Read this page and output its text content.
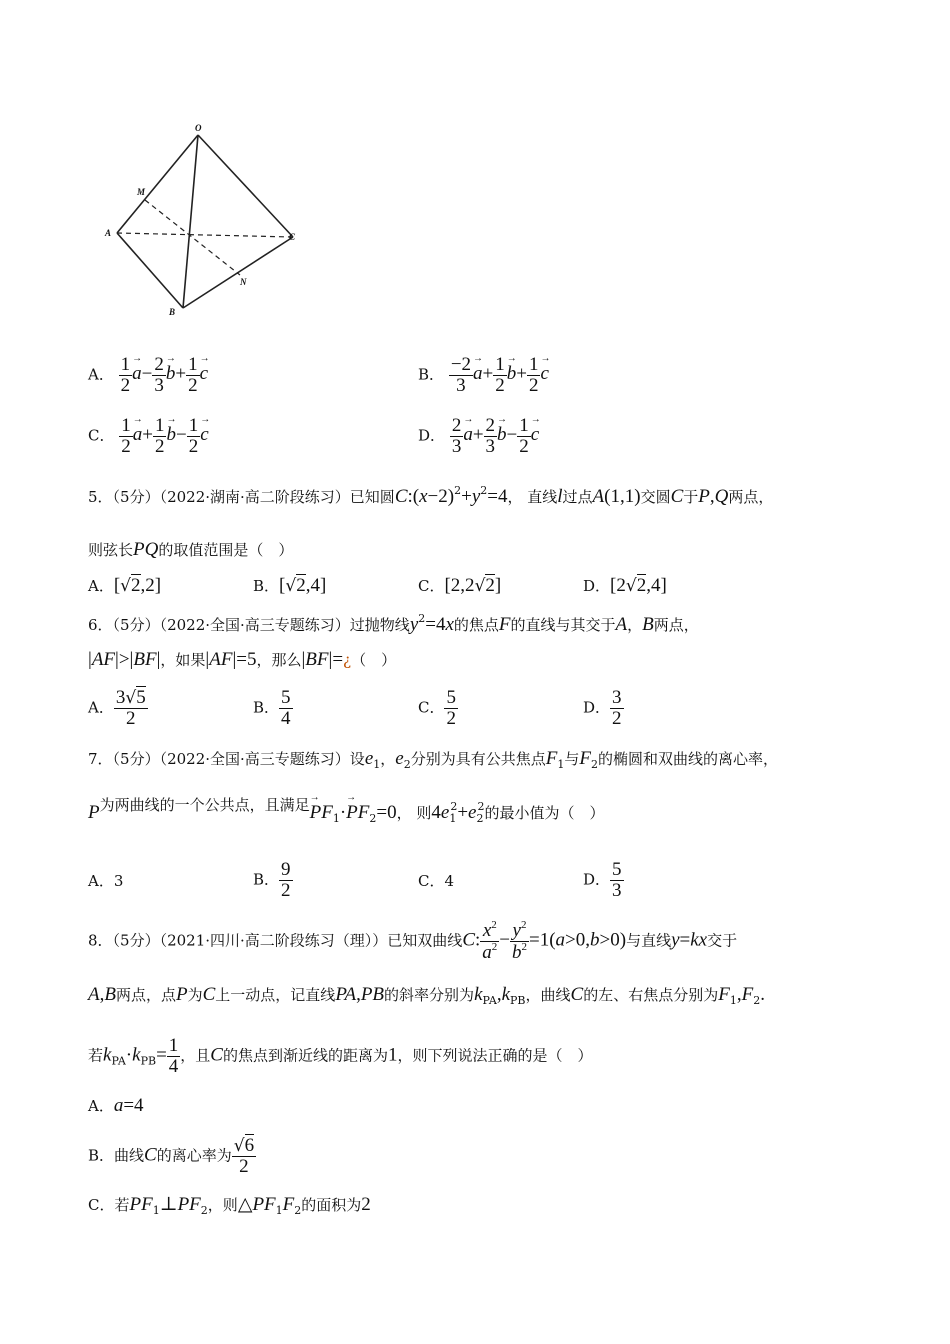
O
M
A	C
N
B
A． $\frac{1}{2}$
→ $a- \frac{2}{3}$
→ $b+ \frac{1}{2}$
→ c	B． $\frac{-2}{3}$
→ $a+ \frac{1}{2}$
→ $b+ \frac{1}{2}$
→ c
C． $\frac{1}{2}$
→ $a+ \frac{1}{2}$
→ $b- \frac{1}{2}$
→ c	D． $\frac{2}{3}$
→ $a+ \frac{2}{3}$
→ $b- \frac{1}{2}$
→ c
5．（5分）（2022·湖南·高二阶段练习）已知圆$C:(x-2)^2+y^2=4$， 直线l过点A(1,1)交圆C于P,Q两点，
则弦长PQ的取值范围是（　）
A．[√2,2]	B．[√2,4]	C．[2,2√2]	D．[2√2,4]
6．（5分）（2022·全国·高三专题练习）过抛物线$y^2=4x$的焦点F的直线与其交于A，B两点，
|AF|>|BF|，如果|AF|=5，那么|BF|=¿（　）
A． $\frac{3√5}{2}$	B． $\frac{5}{4}$	C． $\frac{5}{2}$	D． $\frac{3}{2}$
7．（5分）（2022·全国·高三专题练习）设$e_1$，$e_2$分别为具有公共焦点$F_1$与$F_2$的椭圆和双曲线的离心率，
P为两曲线的一个公共点，且满足→ $PF_1\cdot\to PF_2=0$， 则$4e_1^2+e_2^2$的最小值为（　）
A．3	B． $\frac{9}{2}$	C．4	D． $\frac{5}{3}$
8．（5分）（2021·四川·高二阶段练习（理））已知双曲线C: $\frac{x^2}{a^2} - \frac{y^2}{b^2} =1(a>0,b>0)$与直线y=kx交于
A,B两点，点P为C上一动点，记直线PA,PB的斜率分别为$k_{PA},k_{PB}$，曲线C的左、右焦点分别为$F_1,F_2$.
若$k_{PA}\cdot k_{PB}= \frac{1}{4}$ ，且C的焦点到渐近线的距离为1，则下列说法正确的是（　）
A．a=4
B．曲线C的离心率为 $\frac{√6}{2}$
C．若$PF_1\perp PF_2$，则$\triangle PF_1F_2$的面积为2
